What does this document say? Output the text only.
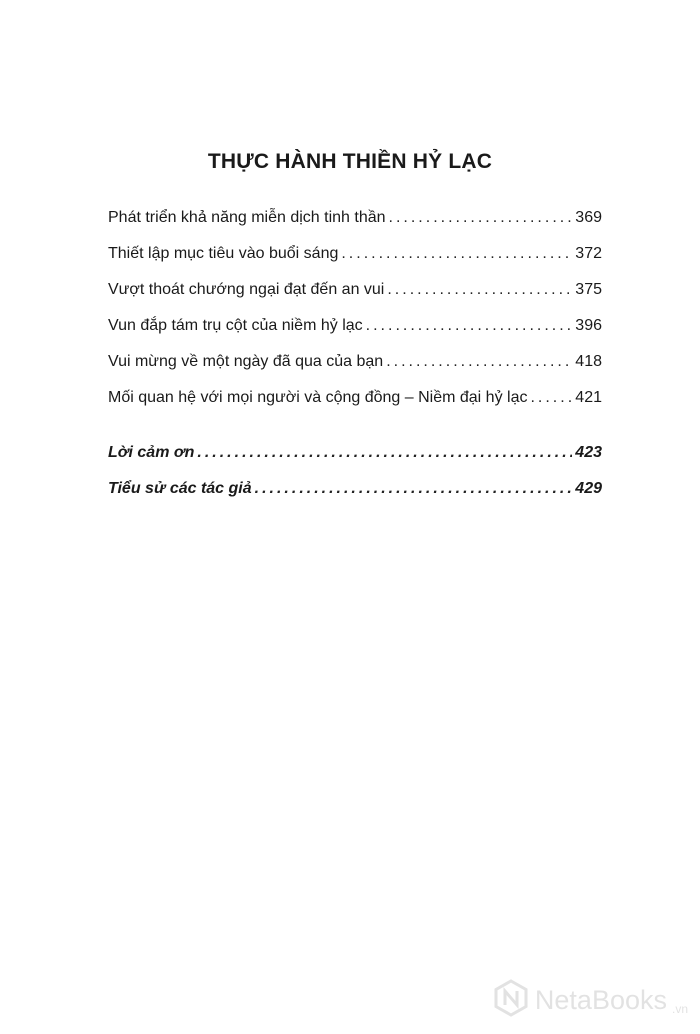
THỰC HÀNH THIỀN HỶ LẠC
Phát triển khả năng miễn dịch tinh thần .....	369
Thiết lập mục tiêu vào buổi sáng .....	372
Vượt thoát chướng ngại đạt đến an vui .....	375
Vun đắp tám trụ cột của niềm hỷ lạc .....	396
Vui mừng về một ngày đã qua của bạn .....	418
Mối quan hệ với mọi người và cộng đồng – Niềm đại hỷ lạc .....	421
Lời cảm ơn .....	423
Tiểu sử các tác giả .....	429
NetaBooks .vn
